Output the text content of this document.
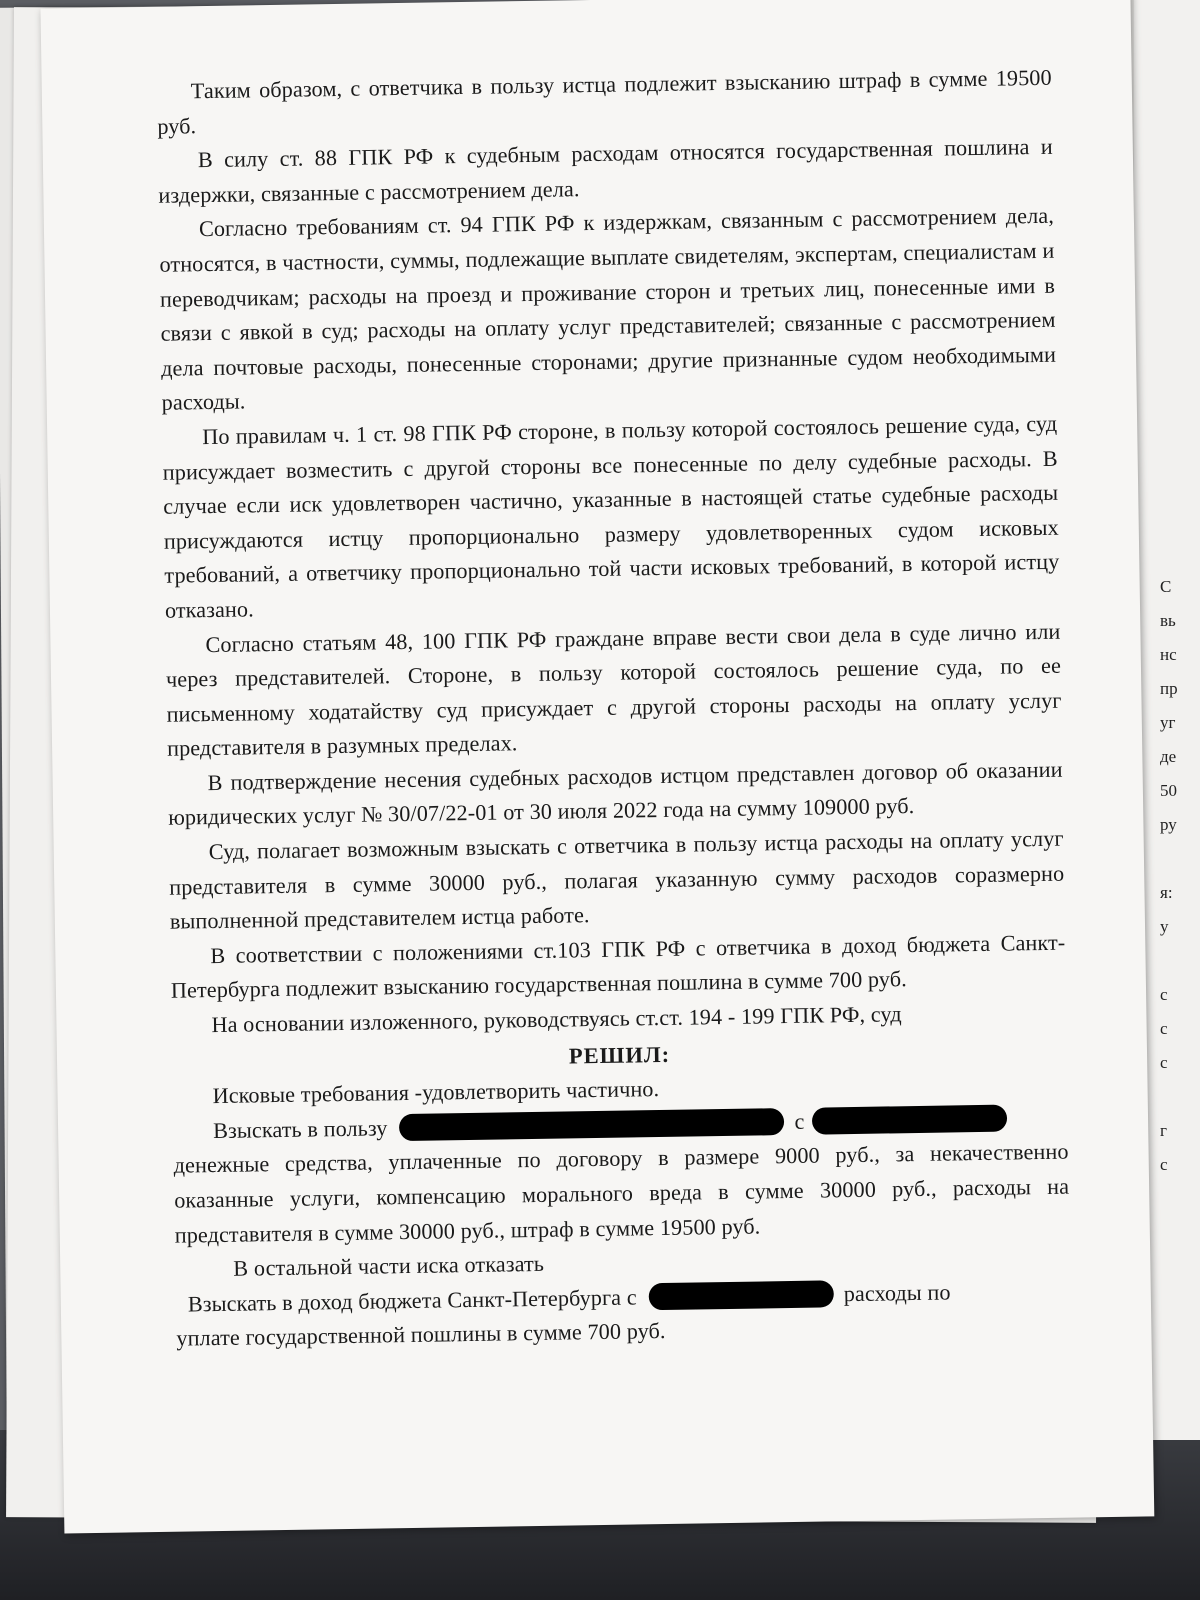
С
вь
нс
пр
уг
де
50
ру
я:
у
с
с
с
г
с

Таким образом, с ответчика в пользу истца подлежит взысканию штраф в сумме 19500 руб.

В силу ст. 88 ГПК РФ к судебным расходам относятся государственная пошлина и издержки, связанные с рассмотрением дела.

Согласно требованиям ст. 94 ГПК РФ к издержкам, связанным с рассмотрением дела, относятся, в частности, суммы, подлежащие выплате свидетелям, экспертам, специалистам и переводчикам; расходы на проезд и проживание сторон и третьих лиц, понесенные ими в связи с явкой в суд; расходы на оплату услуг представителей; связанные с рассмотрением дела почтовые расходы, понесенные сторонами; другие признанные судом необходимыми расходы.

По правилам ч. 1 ст. 98 ГПК РФ стороне, в пользу которой состоялось решение суда, суд присуждает возместить с другой стороны все понесенные по делу судебные расходы. В случае если иск удовлетворен частично, указанные в настоящей статье судебные расходы присуждаются истцу пропорционально размеру удовлетворенных судом исковых требований, а ответчику пропорционально той части исковых требований, в которой истцу отказано.

Согласно статьям 48, 100 ГПК РФ граждане вправе вести свои дела в суде лично или через представителей. Стороне, в пользу которой состоялось решение суда, по ее письменному ходатайству суд присуждает с другой стороны расходы на оплату услуг представителя в разумных пределах.

В подтверждение несения судебных расходов истцом представлен договор об оказании юридических услуг № 30/07/22-01 от 30 июля 2022 года на сумму 109000 руб.

Суд, полагает возможным взыскать с ответчика в пользу истца расходы на оплату услуг представителя в сумме 30000 руб., полагая указанную сумму расходов соразмерно выполненной представителем истца работе.

В соответствии с положениями ст.103 ГПК РФ с ответчика в доход бюджета Санкт-Петербурга подлежит взысканию государственная пошлина в сумме 700 руб.

На основании изложенного, руководствуясь ст.ст. 194 - 199 ГПК РФ, суд

РЕШИЛ:

Исковые требования -удовлетворить частично.

Взыскать в пользу	с

денежные средства, уплаченные по договору в размере 9000 руб., за некачественно оказанные услуги, компенсацию морального вреда в сумме 30000 руб., расходы на представителя в сумме 30000 руб., штраф в сумме 19500 руб.

В остальной части иска отказать

Взыскать в доход бюджета Санкт-Петербурга с	расходы по

уплате государственной пошлины в сумме 700 руб.
